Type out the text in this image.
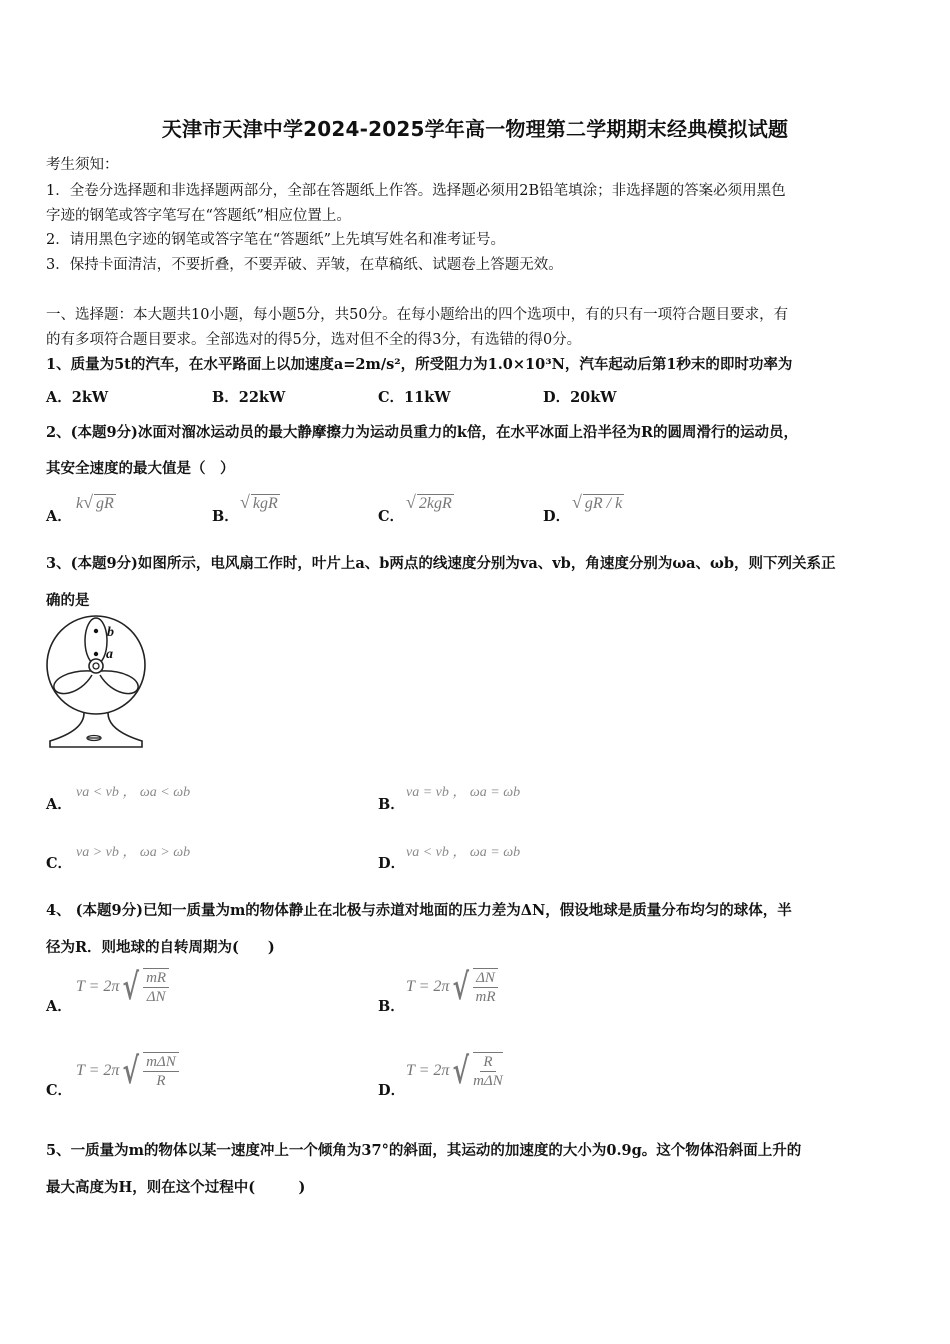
天津市天津中学2024-2025学年高一物理第二学期期末经典模拟试题
考生须知：
1．全卷分选择题和非选择题两部分，全部在答题纸上作答。选择题必须用2B铅笔填涂；非选择题的答案必须用黑色
字迹的钢笔或答字笔写在“答题纸”相应位置上。
2．请用黑色字迹的钢笔或答字笔在“答题纸”上先填写姓名和准考证号。
3．保持卡面清洁，不要折叠，不要弄破、弄皱，在草稿纸、试题卷上答题无效。
一、选择题：本大题共10小题，每小题5分，共50分。在每小题给出的四个选项中，有的只有一项符合题目要求，有
的有多项符合题目要求。全部选对的得5分，选对但不全的得3分，有选错的得0分。
1、质量为5t的汽车，在水平路面上以加速度a=2m/s²，所受阻力为1.0×10³N，汽车起动后第1秒末的即时功率为
A．2kW	B．22kW	C．11kW	D．20kW
2、(本题9分)冰面对溜冰运动员的最大静摩擦力为运动员重力的k倍，在水平冰面上沿半径为R的圆周滑行的运动员，
其安全速度的最大值是（　）
A．
k√ gR
B．
√ kgR
C．
√ 2kgR
D．
√ gR / k
3、(本题9分)如图所示，电风扇工作时，叶片上a、b两点的线速度分别为va、vb，角速度分别为ωa、ωb，则下列关系正
确的是
b
a
A．
va < vb ， ωa < ωb
B．
va = vb ， ωa = ωb
C．
va > vb ， ωa > ωb
D．
va < vb ， ωa = ωb
4、 (本题9分)已知一质量为m的物体静止在北极与赤道对地面的压力差为ΔN，假设地球是质量分布均匀的球体，半
径为R．则地球的自转周期为(　　)
A．
T = 2π √ $\frac{mR}{\Delta N}$
B．
T = 2π √ $\frac{\Delta N}{mR}$
C．
T = 2π √ $\frac{\text{mΔN}}{R}$
D．
T = 2π √ $\frac{R}{\text{mΔN}}$
5、一质量为m的物体以某一速度冲上一个倾角为37°的斜面，其运动的加速度的大小为0.9g。这个物体沿斜面上升的
最大高度为H，则在这个过程中(　　　)
